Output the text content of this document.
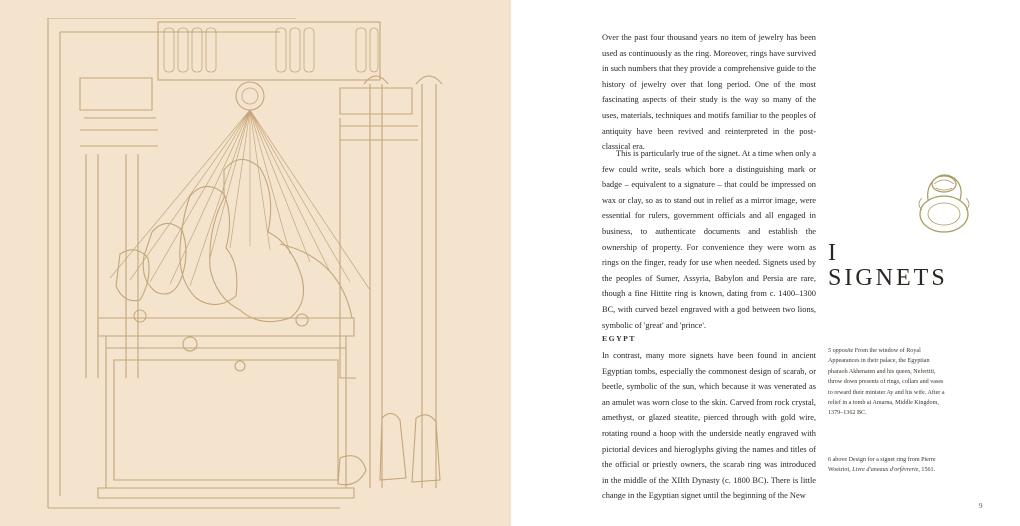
Over the past four thousand years no item of jewelry has been used as continuously as the ring. Moreover, rings have survived in such numbers that they provide a comprehensive guide to the history of jewelry over that long period. One of the most fascinating aspects of their study is the way so many of the uses, materials, techniques and motifs familiar to the peoples of antiquity have been revived and reinterpreted in the post-classical era.

This is particularly true of the signet. At a time when only a few could write, seals which bore a distinguishing mark or badge – equivalent to a signature – that could be impressed on wax or clay, so as to stand out in relief as a mirror image, were essential for rulers, government officials and all engaged in business, to authenticate documents and establish the ownership of property. For convenience they were worn as rings on the finger, ready for use when needed. Signets used by the peoples of Sumer, Assyria, Babylon and Persia are rare, though a fine Hittite ring is known, dating from c. 1400–1300 BC, with curved bezel engraved with a god between two lions, symbolic of 'great' and 'prince'.

EGYPT

In contrast, many more signets have been found in ancient Egyptian tombs, especially the commonest design of scarab, or beetle, symbolic of the sun, which because it was venerated as an amulet was worn close to the skin. Carved from rock crystal, amethyst, or glazed steatite, pierced through with gold wire, rotating round a hoop with the underside neatly engraved with pictorial devices and hieroglyphs giving the names and titles of the official or priestly owners, the scarab ring was introduced in the middle of the XIIth Dynasty (c. 1800 BC). There is little change in the Egyptian signet until the beginning of the New

I
SIGNETS
5 opposite From the window of Royal Appearances in their palace, the Egyptian pharaoh Akhenaten and his queen, Nefertiti, throw down presents of rings, collars and vases to reward their minister Ay and his wife. After a relief in a tomb at Amarna, Middle Kingdom, 1379–1362 BC.
6 above Design for a signet ring from Pierre Woeiriot, Livre d'aneaux d'orfèvrerie, 1561.
9
